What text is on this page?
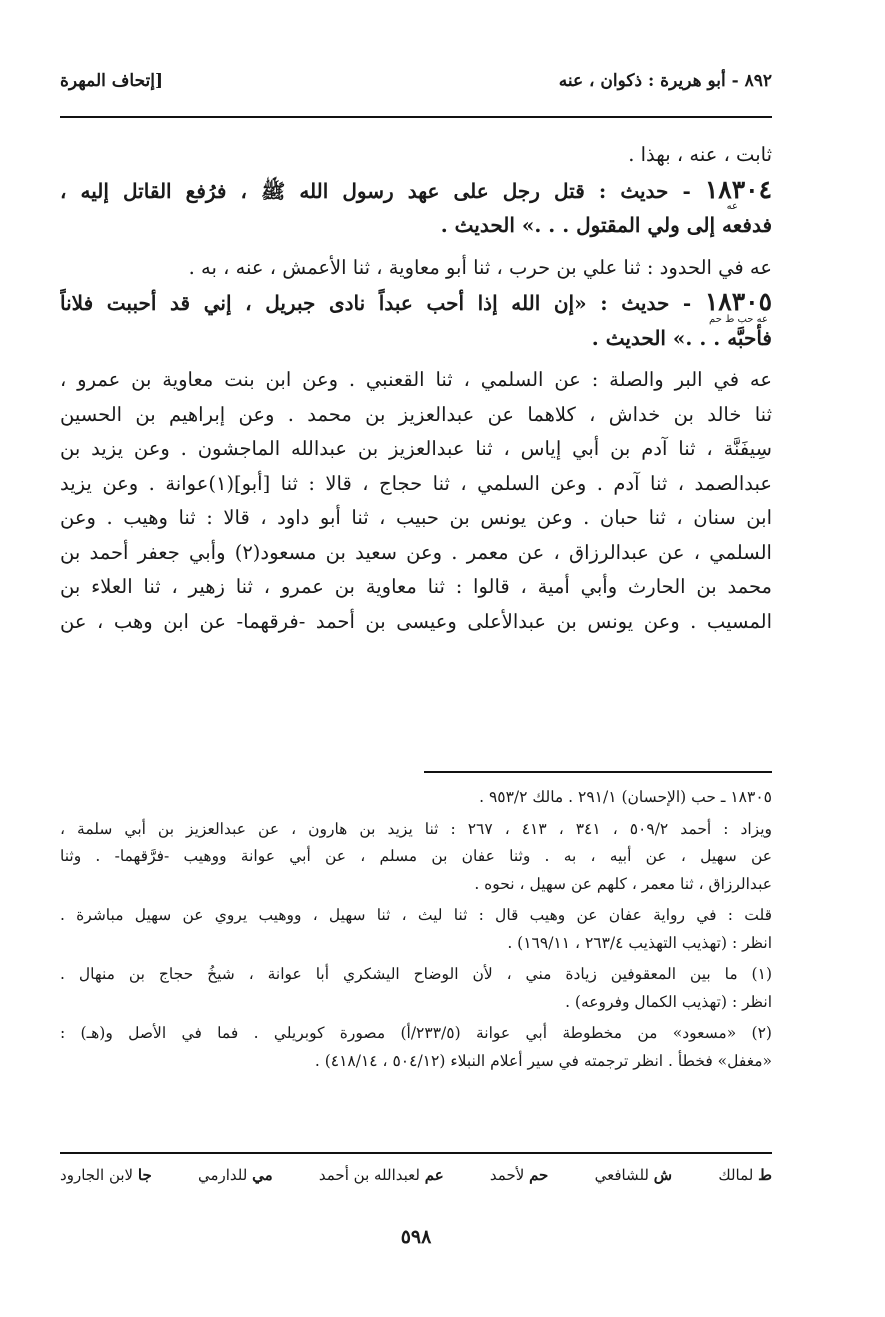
٨٩٢ - أبو هريرة : ذكوان ، عنه
[إتحاف المهرة
ثابت ، عنه ، بهذا .
١٨٣٠٤ - حديث : قتل رجل على عهد رسول الله ﷺ ، فرُفع القاتل إليه ،
عه
فدفعه إلى ولي المقتول . . .» الحديث .
عه في الحدود : ثنا علي بن حرب ، ثنا أبو معاوية ، ثنا الأعمش ، عنه ، به .
١٨٣٠٥ - حديث : «إن الله إذا أحب عبداً نادى جبريل ، إني قد أحببت فلاناً
عه حب ط حم
فأحبَّه . . .» الحديث .
عه في البر والصلة : عن السلمي ، ثنا القعنبي . وعن ابن بنت معاوية بن عمرو ،
ثنا خالد بن خداش ، كلاهما عن عبدالعزيز بن محمد . وعن إبراهيم بن الحسين
سِيفَنَّة ، ثنا آدم بن أبي إياس ، ثنا عبدالعزيز بن عبدالله الماجشون . وعن يزيد بن
عبدالصمد ، ثنا آدم . وعن السلمي ، ثنا حجاج ، قالا : ثنا [أبو](١)عوانة . وعن يزيد
ابن سنان ، ثنا حبان . وعن يونس بن حبيب ، ثنا أبو داود ، قالا : ثنا وهيب . وعن
السلمي ، عن عبدالرزاق ، عن معمر . وعن سعيد بن مسعود(٢) وأبي جعفر أحمد بن
محمد بن الحارث وأبي أمية ، قالوا : ثنا معاوية بن عمرو ، ثنا زهير ، ثنا العلاء بن
المسيب . وعن يونس بن عبدالأعلى وعيسى بن أحمد -فرقهما- عن ابن وهب ، عن
١٨٣٠٥ ـ حب (الإحسان) ٢٩١/١ . مالك ٩٥٣/٢ .
ويزاد : أحمد ٥٠٩/٢ ، ٣٤١ ، ٤١٣ ، ٢٦٧ : ثنا يزيد بن هارون ، عن عبدالعزيز بن أبي سلمة ،
عن سهيل ، عن أبيه ، به . وثنا عفان بن مسلم ، عن أبي عوانة ووهيب -فرَّقهما- . وثنا
عبدالرزاق ، ثنا معمر ، كلهم عن سهيل ، نحوه .
قلت : في رواية عفان عن وهيب قال : ثنا ليث ، ثنا سهيل ، ووهيب يروي عن سهيل مباشرة .
انظر : (تهذيب التهذيب ٢٦٣/٤ ، ١٦٩/١١) .
(١) ما بين المعقوفين زيادة مني ، لأن الوضاح اليشكري أبا عوانة ، شيخُ حجاج بن منهال .
انظر : (تهذيب الكمال وفروعه) .
(٢) «مسعود» من مخطوطة أبي عوانة (٢٣٣/٥/أ) مصورة كوبريلي . فما في الأصل و(هـ) :
«مغفل» فخطأ . انظر ترجمته في سير أعلام النبلاء (٥٠٤/١٢ ، ٤١٨/١٤) .
ط لمالك
ش للشافعي
حم لأحمد
عم لعبدالله بن أحمد
مي للدارمي
جا لابن الجارود
٥٩٨
